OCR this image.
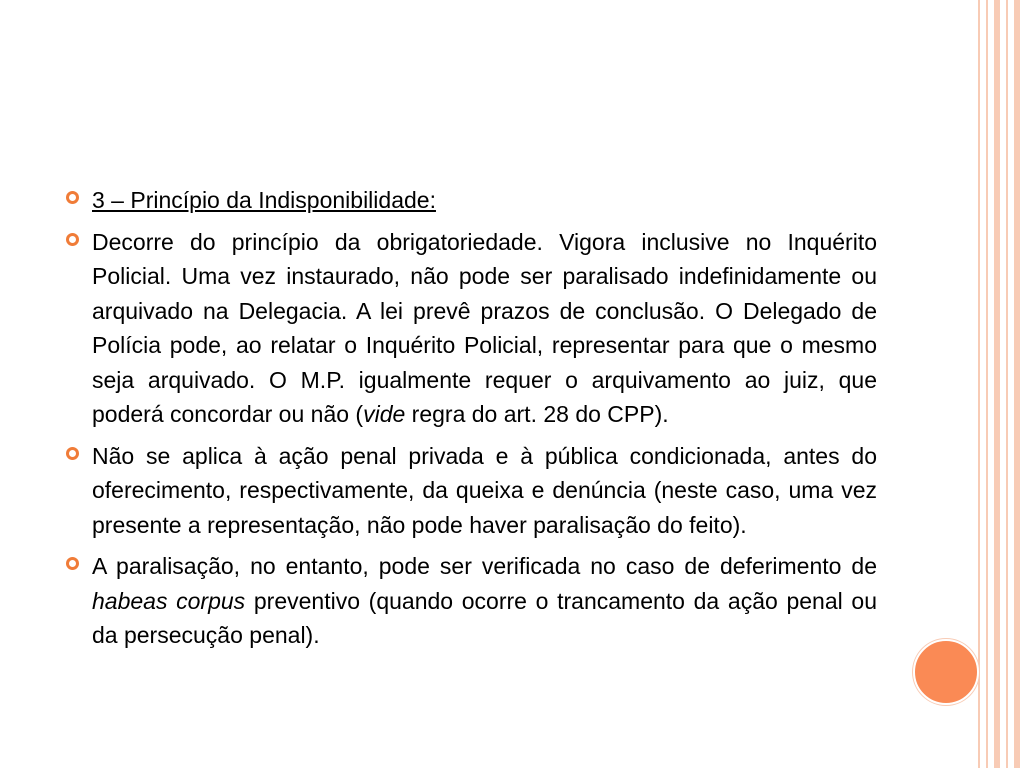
3 – Princípio da Indisponibilidade:

Decorre do princípio da obrigatoriedade. Vigora inclusive no Inquérito Policial. Uma vez instaurado, não pode ser paralisado indefinidamente ou arquivado na Delegacia. A lei prevê prazos de conclusão. O Delegado de Polícia pode, ao relatar o Inquérito Policial, representar para que o mesmo seja arquivado. O M.P. igualmente requer o arquivamento ao juiz, que poderá concordar ou não (vide regra do art. 28 do CPP).

Não se aplica à ação penal privada e à pública condicionada, antes do oferecimento, respectivamente, da queixa e denúncia (neste caso, uma vez presente a representação, não pode haver paralisação do feito).

A paralisação, no entanto, pode ser verificada no caso de deferimento de habeas corpus preventivo (quando ocorre o trancamento da ação penal ou da persecução penal).
